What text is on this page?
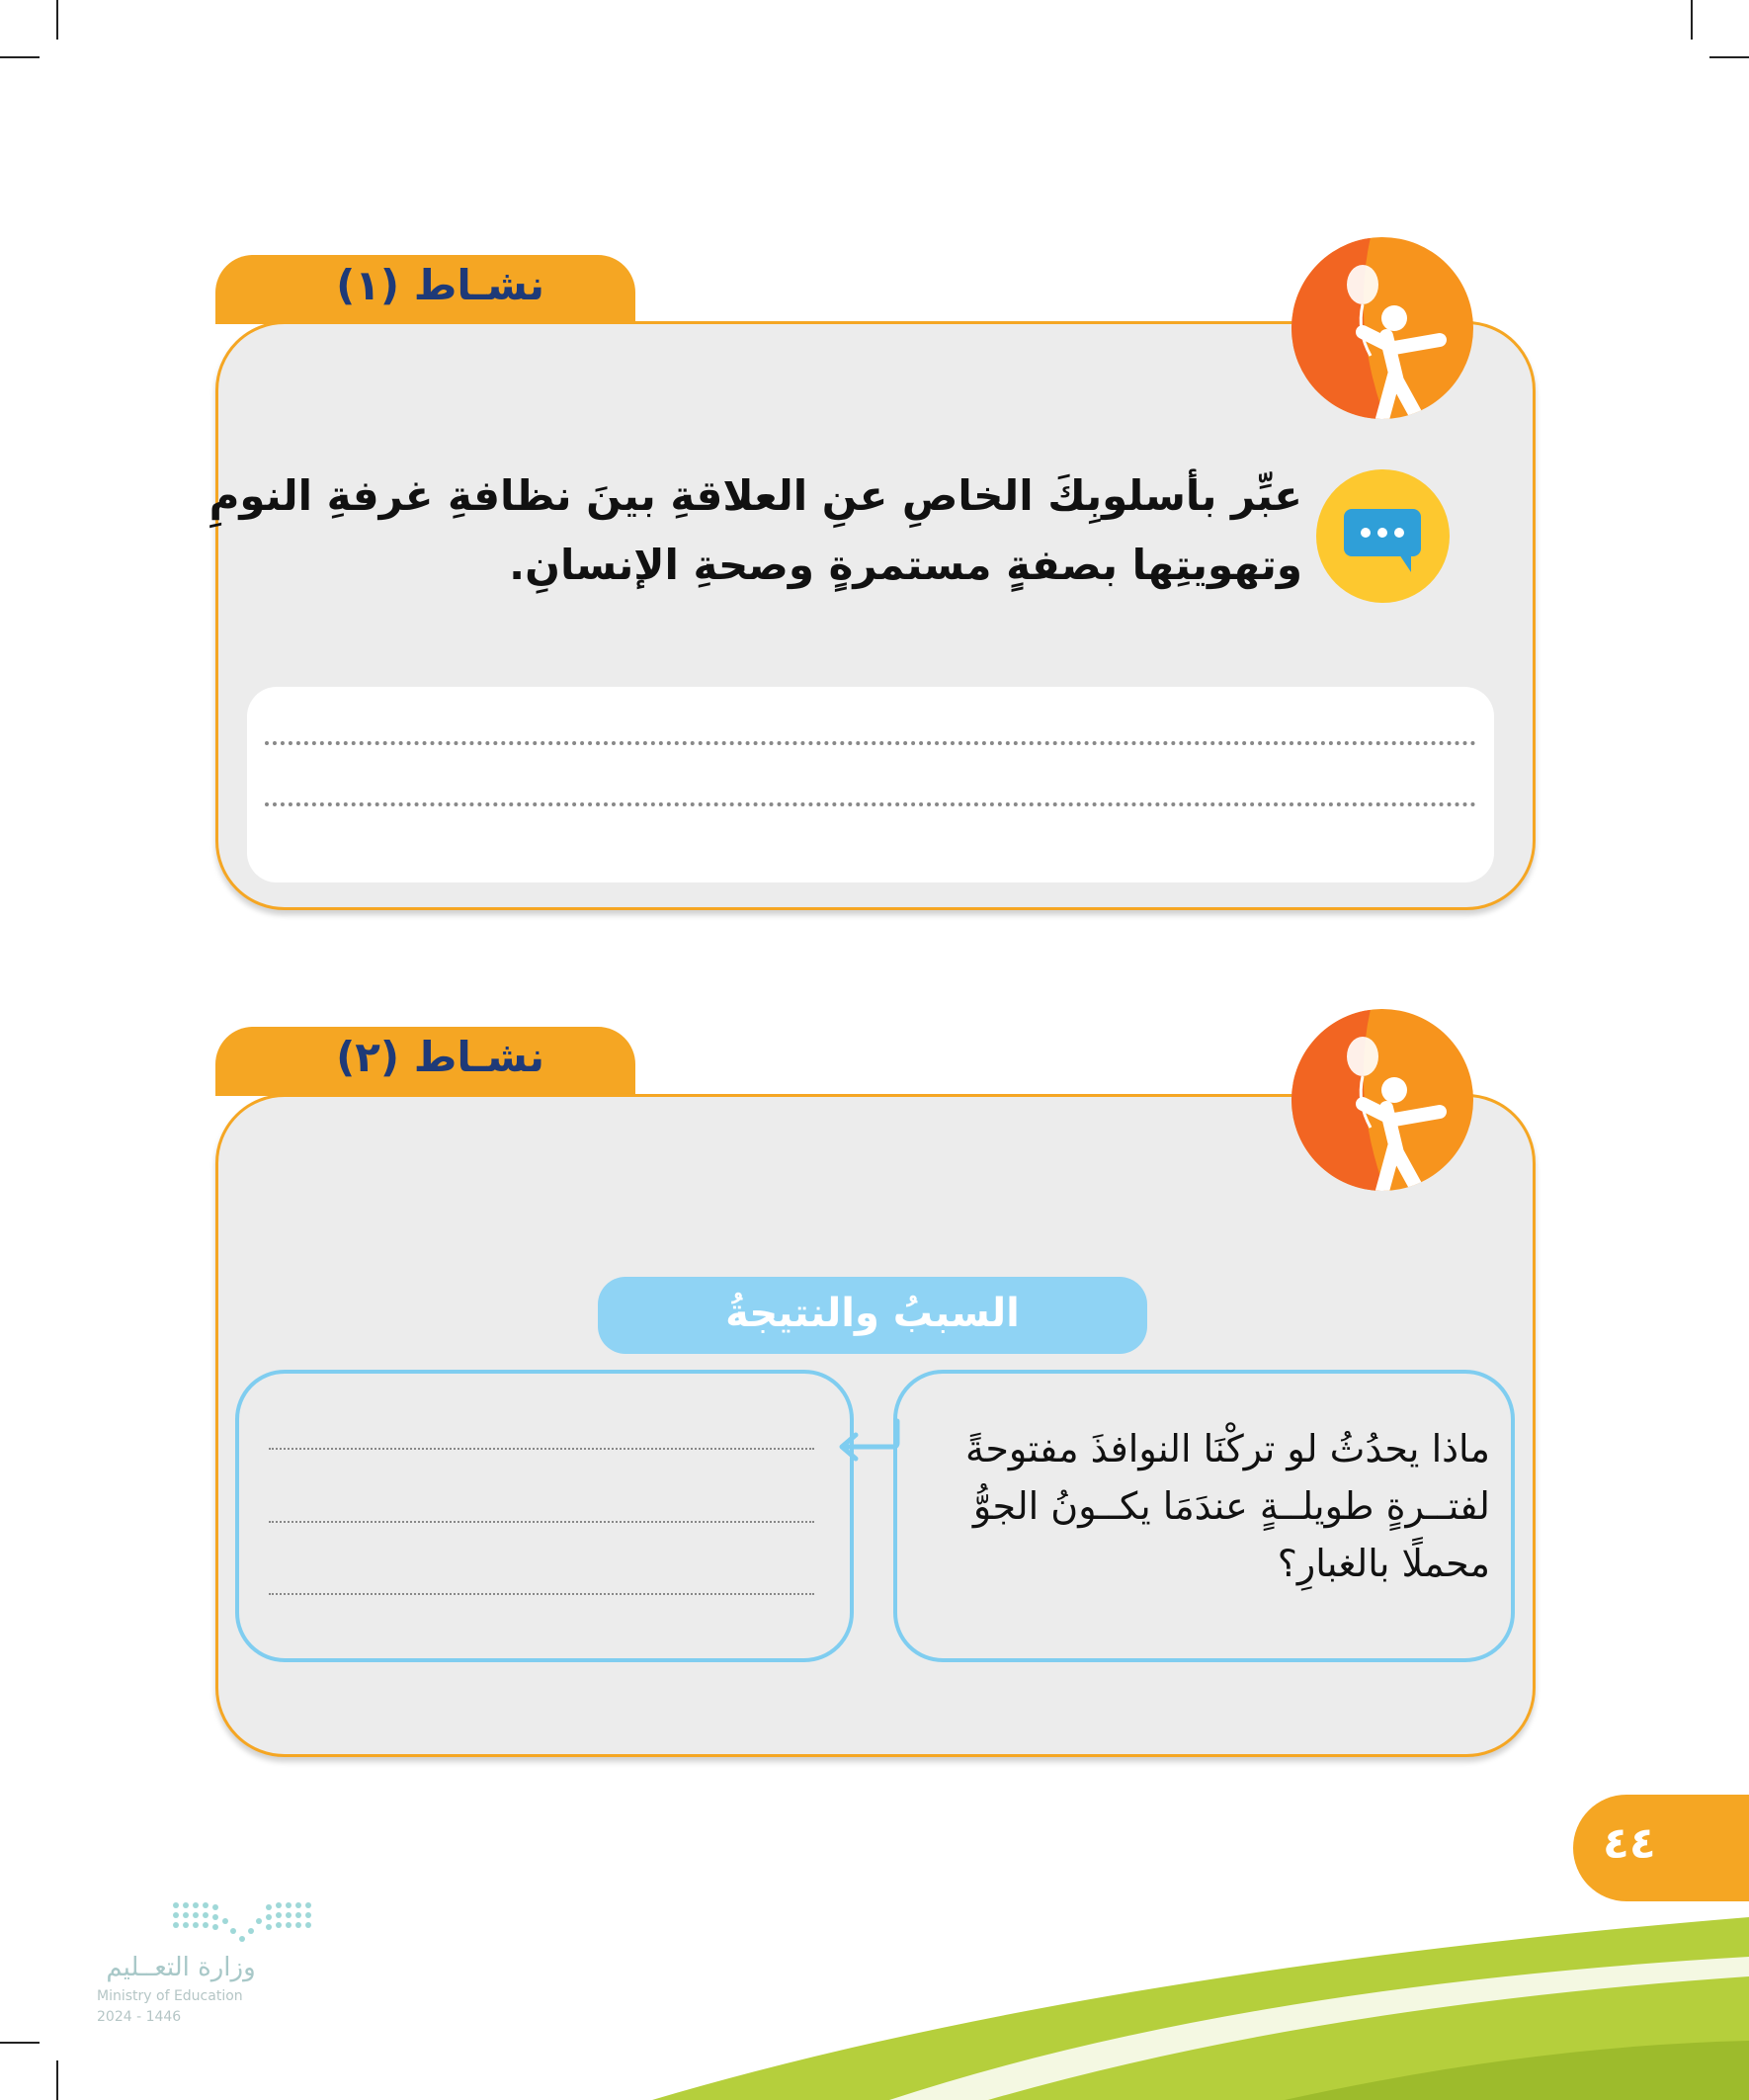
نشـاط (١)
عبِّر بأسلوبِكَ الخاصِ عنِ العلاقةِ بينَ نظافةِ غرفةِ النومِ
وتهويتِها بصفةٍ مستمرةٍ وصحةِ الإنسانِ.
نشـاط (٢)
السببُ والنتيجةُ
ماذا يحدُثُ لو تركْنَا النوافذَ مفتوحةً
لفتــرةٍ طويلــةٍ عندَمَا يكــونُ الجوُّ
محملًا بالغبارِ؟
٤٤
وزارة التعــليم
Ministry of Education
2024 - 1446
